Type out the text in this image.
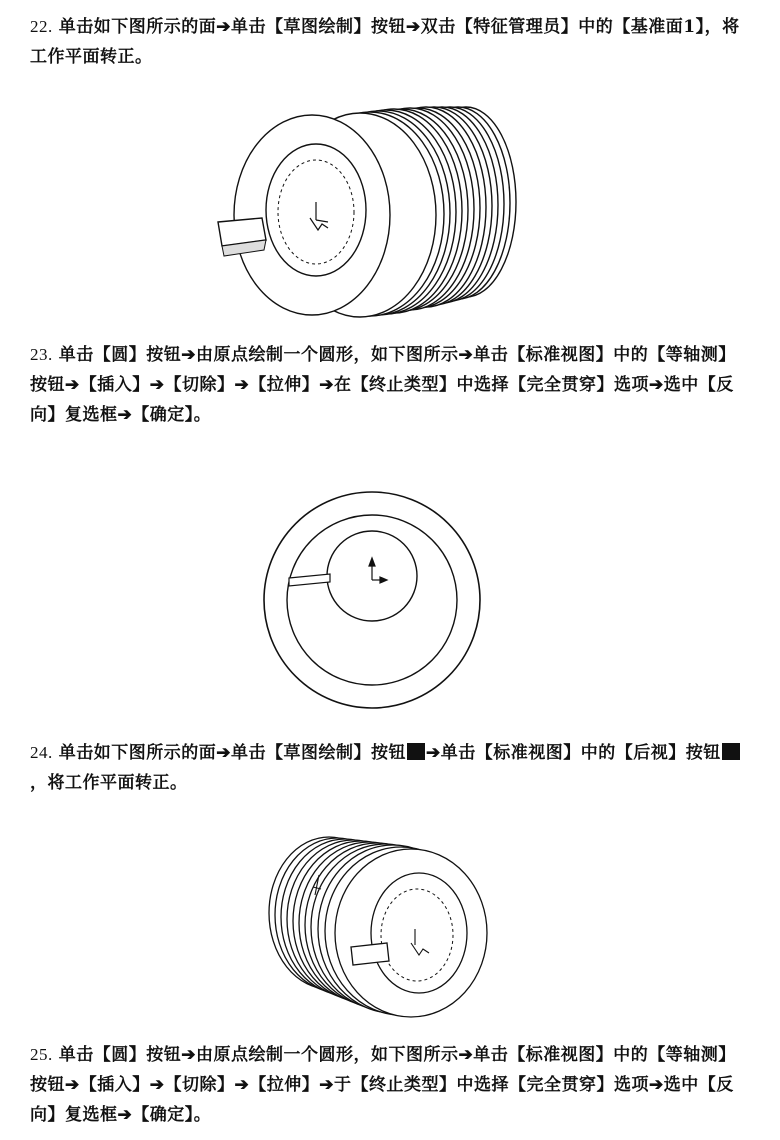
22. 单击如下图所示的面➔单击【草图绘制】按钮➔双击【特征管理员】中的【基准面1】，将工作平面转正。
23. 单击【圆】按钮➔由原点绘制一个圆形，如下图所示➔单击【标准视图】中的【等轴测】按钮➔【插入】➔【切除】➔【拉伸】➔在【终止类型】中选择【完全贯穿】选项➔选中【反向】复选框➔【确定】。
24. 单击如下图所示的面➔单击【草图绘制】按钮 ➔单击【标准视图】中的【后视】按钮，将工作平面转正。
25. 单击【圆】按钮➔由原点绘制一个圆形，如下图所示➔单击【标准视图】中的【等轴测】按钮➔【插入】➔【切除】➔【拉伸】➔于【终止类型】中选择【完全贯穿】选项➔选中【反向】复选框➔【确定】。
